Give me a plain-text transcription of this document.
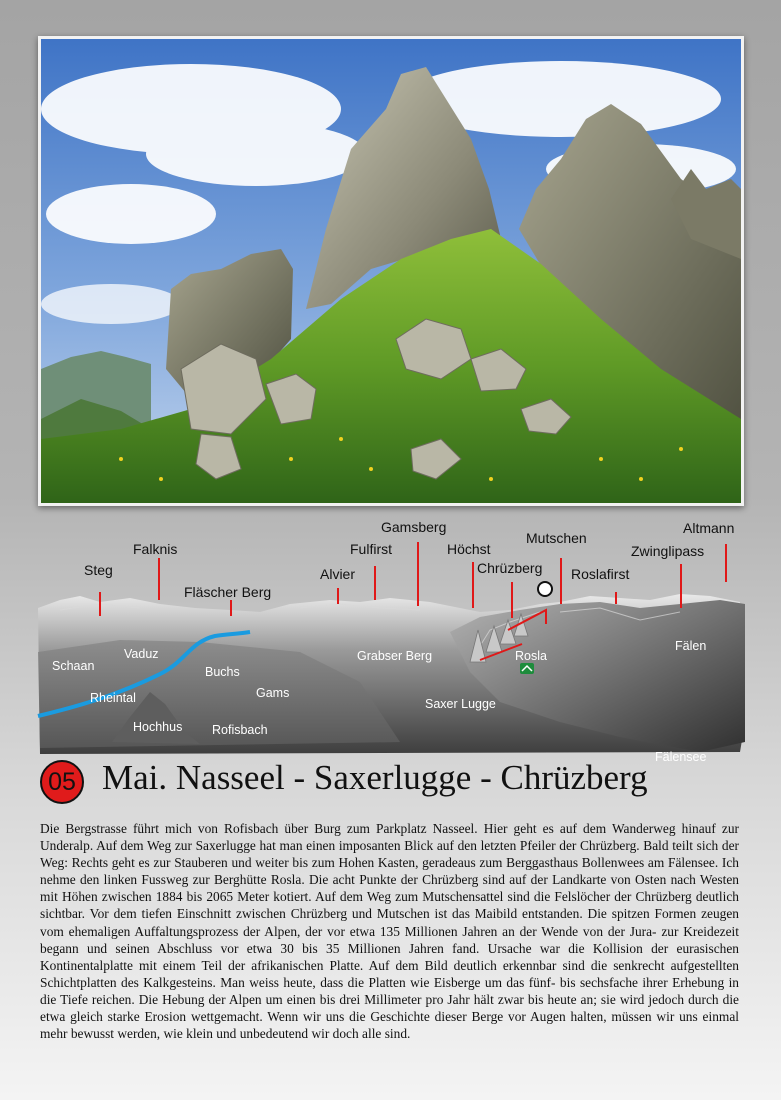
Steg
Falknis
Fläscher Berg
Alvier
Fulfirst
Gamsberg
Höchst
Chrüzberg
Mutschen
Roslafirst
Zwinglipass
Altmann
Schaan
Vaduz
Buchs
Rheintal	Gams
Hochhus Rofisbach
Grabser Berg	Rosla
Saxer Lugge
Fälen
Fälensee
05 Mai. Nasseel - Saxerlugge - Chrüzberg

Die Bergstrasse führt mich von Rofisbach über Burg zum Parkplatz Nasseel. Hier geht es auf dem Wanderweg hinauf zur Underalp. Auf dem Weg zur Saxerlugge hat man einen imposanten Blick auf den letzten Pfeiler der Chrüzberg. Bald teilt sich der Weg: Rechts geht es zur Stauberen und weiter bis zum Hohen Kasten, geradeaus zum Berggasthaus Bollenwees am Fälensee. Ich nehme den linken Fussweg zur Berghütte Rosla. Die acht Punkte der Chrüzberg sind auf der Landkarte von Osten nach Westen mit Höhen zwischen 1884 bis 2065 Meter kotiert. Auf dem Weg zum Mutschensattel sind die Felslöcher der Chrüzberg deutlich sichtbar. Vor dem tiefen Einschnitt zwischen Chrüzberg und Mutschen ist das Maibild entstanden. Die spitzen Formen zeugen vom ehemaligen Auffaltungsprozess der Alpen, der vor etwa 135 Millionen Jahren an der Wende von der Jura- zur Kreidezeit begann und seinen Abschluss vor etwa 30 bis 35 Millionen Jahren fand. Ursache war die Kollision der eurasischen Kontinentalplatte mit einem Teil der afrikanischen Platte. Auf dem Bild deutlich erkennbar sind die senkrecht aufgestellten Schichtplatten des Kalkgesteins. Man weiss heute, dass die Platten wie Eisberge um das fünf- bis sechsfache ihrer Erhebung in die Tiefe reichen. Die Hebung der Alpen um einen bis drei Millimeter pro Jahr hält zwar bis heute an; sie wird jedoch durch die etwa gleich starke Erosion wettgemacht. Wenn wir uns die Geschichte dieser Berge vor Augen halten, müssen wir uns einmal mehr bewusst werden, wie klein und unbedeutend wir doch alle sind.
